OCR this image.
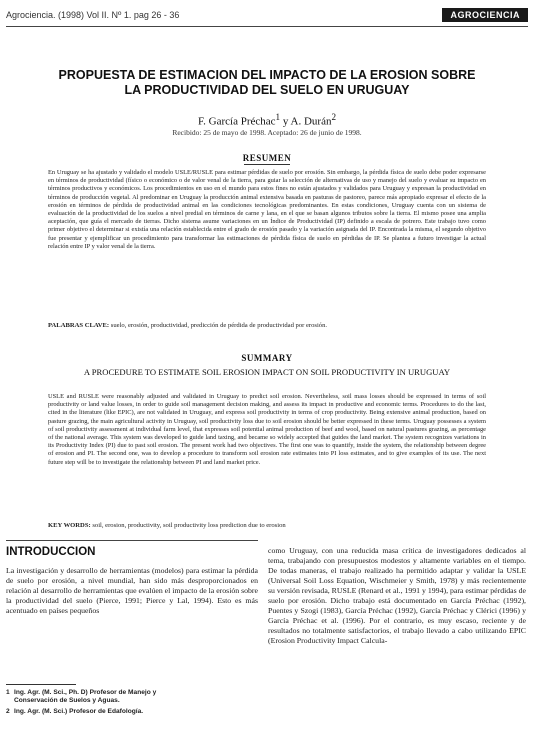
Agrociencia. (1998) Vol II. Nº 1. pag 26 - 36	AGROCIENCIA
PROPUESTA DE ESTIMACION DEL IMPACTO DE LA EROSION SOBRE
LA PRODUCTIVIDAD DEL SUELO EN URUGUAY
F. García Préchac$^1$ y A. Durán$^2$
Recibido: 25 de mayo de 1998. Aceptado: 26 de junio de 1998.
RESUMEN

En Uruguay se ha ajustado y validado el modelo USLE/RUSLE para estimar pérdidas de suelo por erosión. Sin embargo, la pérdida física de suelo debe poder expresarse en términos de productividad (físico o económico o de valor venal de la tierra, para guiar la selección de alternativas de uso y manejo del suelo y evaluar su impacto en términos productivos y económicos. Los procedimientos en uso en el mundo para estos fines no están ajustados y validados para Uruguay y expresan la productividad en términos de producción vegetal. Al predominar en Uruguay la producción animal extensiva basada en pasturas de pastoreo, parece más apropiado expresar el efecto de la erosión en términos de pérdida de productividad animal en las condiciones tecnológicas predominantes. En estas condiciones, Uruguay cuenta con un sistema de evaluación de la productividad de los suelos a nivel predial en términos de carne y lana, en el que se basan algunos tributos sobre la tierra. El mismo posee una amplia aceptación, que guía el mercado de tierras. Dicho sistema asume variaciones en un Índice de Productividad (IP) definido a escala de potrero. Este trabajo tuvo como primer objetivo el determinar si existía una relación establecida entre el grado de erosión pasado y la variación asignada del IP. Encontrada la misma, el segundo objetivo fue presentar y ejemplificar un procedimiento para transformar las estimaciones de pérdida física de suelo en pérdidas de IP. Se plantea a futuro investigar la actual relación entre IP y valor venal de la tierra.

PALABRAS CLAVE: suelo, erosión, productividad, predicción de pérdida de productividad por erosión.
SUMMARY

A PROCEDURE TO ESTIMATE SOIL EROSION IMPACT ON SOIL PRODUCTIVITY IN URUGUAY

USLE and RUSLE were reasonably adjusted and validated in Uruguay to predict soil erosion. Nevertheless, soil mass losses should be expressed in terms of soil productivity or land value losses, in order to guide soil management decision making, and assess its impact in productive and economic terms. Procedures to do the last, cited in the literature (like EPIC), are not validated in Uruguay, and express soil productivity in terms of crop productivity. Being extensive animal production, based on pasture grazing, the main agricultural activity in Uruguay, soil productivity loss due to soil erosion should be better expressed in these terms. Uruguay possesses a system of soil productivity assessment at individual farm level, that expresses soil potential animal production of beef and wool, based on natural pastures grazing, as percentage of the national average. This system was developed to guide land taxing, and became so widely accepted that guides the land market. The system recognizes variations in its Productivity Index (PI) due to past soil erosion. The present work had two objectives. The first one was to quantify, inside the system, the relationship between degree of erosion and PI. The second one, was to develop a procedure to transform soil erosion rate estimates into PI loss estimates, and to give examples of its use. The next future step will be to investigate the relationship between PI and land market price.

KEY WORDS: soil, erosion, productivity, soil productivity loss prediction due to erosion
INTRODUCCION

La investigación y desarrollo de herramientas (modelos) para estimar la pérdida de suelo por erosión, a nivel mundial, han sido más desproporcionados en relación al desarrollo de herramientas que evalúen el impacto de la erosión sobre la productividad del suelo (Pierce, 1991; Pierce y Lal, 1994). Esto es más acentuado en países pequeños

como Uruguay, con una reducida masa crítica de investigadores dedicados al tema, trabajando con presupuestos modestos y altamente variables en el tiempo. De todas maneras, el trabajo realizado ha permitido adaptar y validar la USLE (Universal Soil Loss Equation, Wischmeier y Smith, 1978) y más recientemente su versión revisada, RUSLE (Renard et al., 1991 y 1994), para estimar pérdidas de suelo por erosión. Dicho trabajo está documentado en García Préchac (1992), Puentes y Szogi (1983), García Préchac (1992), García Préchac y Clérici (1996) y García Préchac et al. (1996). Por el contrario, es muy escaso, reciente y de resultados no totalmente satisfactorios, el trabajo llevado a cabo utilizando EPIC (Erosion Productivity Impact Calcula-

1 Ing. Agr. (M. Sci., Ph. D) Profesor de Manejo y
Conservación de Suelos y Aguas.
2 Ing. Agr. (M. Sci.) Profesor de Edafología.
